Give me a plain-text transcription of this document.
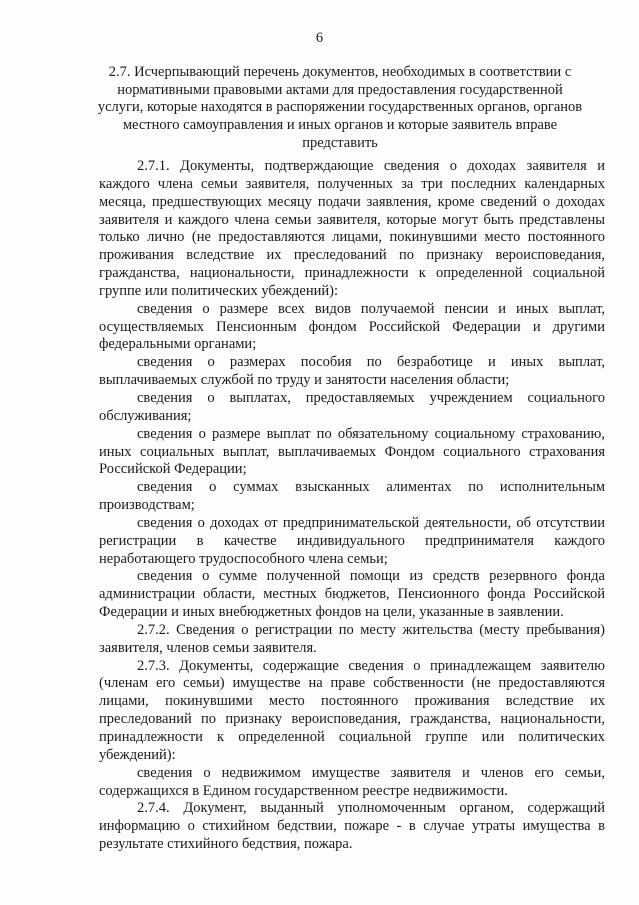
6
2.7. Исчерпывающий перечень документов, необходимых в соответствии с нормативными правовыми актами для предоставления государственной услуги, которые находятся в распоряжении государственных органов, органов местного самоуправления и иных органов и которые заявитель вправе представить

2.7.1. Документы, подтверждающие сведения о доходах заявителя и каждого члена семьи заявителя, полученных за три последних календарных месяца, предшествующих месяцу подачи заявления, кроме сведений о доходах заявителя и каждого члена семьи заявителя, которые могут быть представлены только лично (не предоставляются лицами, покинувшими место постоянного проживания вследствие их преследований по признаку вероисповедания, гражданства, национальности, принадлежности к определенной социальной группе или политических убеждений):

сведения о размере всех видов получаемой пенсии и иных выплат, осуществляемых Пенсионным фондом Российской Федерации и другими федеральными органами;

сведения о размерах пособия по безработице и иных выплат, выплачиваемых службой по труду и занятости населения области;

сведения о выплатах, предоставляемых учреждением социального обслуживания;

сведения о размере выплат по обязательному социальному страхованию, иных социальных выплат, выплачиваемых Фондом социального страхования Российской Федерации;

сведения о суммах взысканных алиментах по исполнительным производствам;

сведения о доходах от предпринимательской деятельности, об отсутствии регистрации в качестве индивидуального предпринимателя каждого неработающего трудоспособного члена семьи;

сведения о сумме полученной помощи из средств резервного фонда администрации области, местных бюджетов, Пенсионного фонда Российской Федерации и иных внебюджетных фондов на цели, указанные в заявлении.

2.7.2. Сведения о регистрации по месту жительства (месту пребывания) заявителя, членов семьи заявителя.

2.7.3. Документы, содержащие сведения о принадлежащем заявителю (членам его семьи) имуществе на праве собственности (не предоставляются лицами, покинувшими место постоянного проживания вследствие их преследований по признаку вероисповедания, гражданства, национальности, принадлежности к определенной социальной группе или политических убеждений):

сведения о недвижимом имуществе заявителя и членов его семьи, содержащихся в Едином государственном реестре недвижимости.

2.7.4. Документ, выданный уполномоченным органом, содержащий информацию о стихийном бедствии, пожаре - в случае утраты имущества в результате стихийного бедствия, пожара.
